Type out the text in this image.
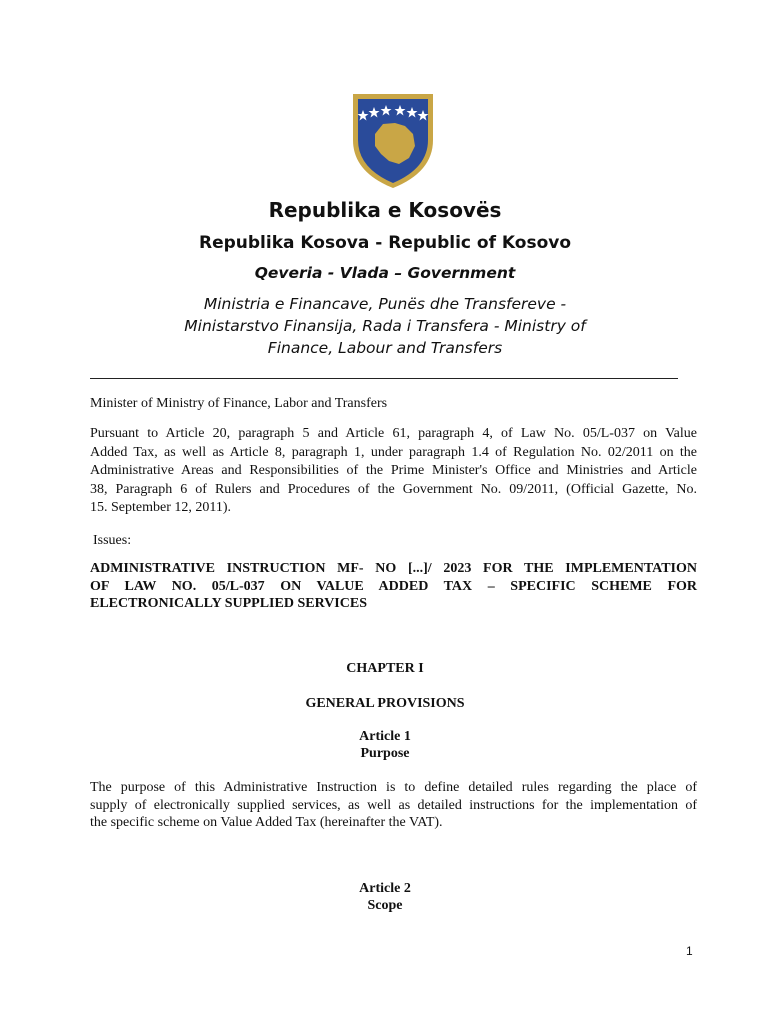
Republika e Kosovës
Republika Kosova - Republic of Kosovo
Qeveria - Vlada – Government
Ministria e Financave, Punës dhe Transfereve -
Ministarstvo Finansija, Rada i Transfera - Ministry of
Finance, Labour and Transfers
Minister of Ministry of Finance, Labor and Transfers
Pursuant to Article 20, paragraph 5 and Article 61, paragraph 4, of Law No. 05/L-037 on Value
Added Tax, as well as Article 8, paragraph 1, under paragraph 1.4 of Regulation No. 02/2011 on the
Administrative Areas and Responsibilities of the Prime Minister's Office and Ministries and Article
38, Paragraph 6 of Rulers and Procedures of the Government No. 09/2011, (Official Gazette, No.
15. September 12, 2011).
Issues:
ADMINISTRATIVE INSTRUCTION MF- NO [...]/ 2023 FOR THE IMPLEMENTATION
OF LAW NO. 05/L-037 ON VALUE ADDED TAX – SPECIFIC SCHEME FOR
ELECTRONICALLY SUPPLIED SERVICES
CHAPTER I
GENERAL PROVISIONS
Article 1
Purpose
The purpose of this Administrative Instruction is to define detailed rules regarding the place of
supply of electronically supplied services, as well as detailed instructions for the implementation of
the specific scheme on Value Added Tax (hereinafter the VAT).
Article 2
Scope
1
